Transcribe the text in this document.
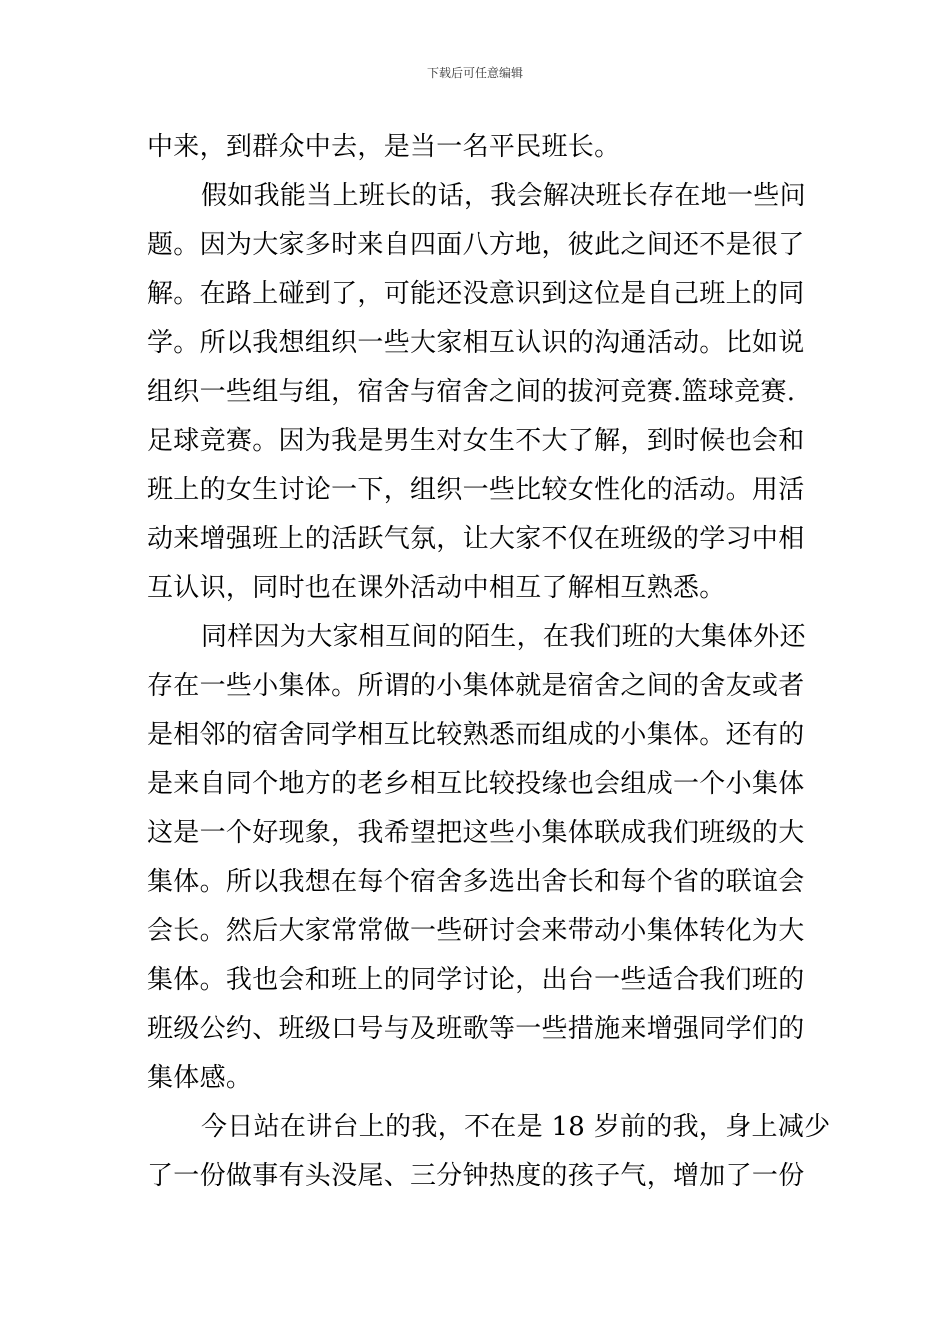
下载后可任意编辑
中来，到群众中去，是当一名平民班长。
假如我能当上班长的话，我会解决班长存在地一些问
题。因为大家多时来自四面八方地，彼此之间还不是很了
解。在路上碰到了，可能还没意识到这位是自己班上的同
学。所以我想组织一些大家相互认识的沟通活动。比如说
组织一些组与组，宿舍与宿舍之间的拔河竞赛.篮球竞赛.
足球竞赛。因为我是男生对女生不大了解，到时候也会和
班上的女生讨论一下，组织一些比较女性化的活动。用活
动来增强班上的活跃气氛，让大家不仅在班级的学习中相
互认识，同时也在课外活动中相互了解相互熟悉。
同样因为大家相互间的陌生，在我们班的大集体外还
存在一些小集体。所谓的小集体就是宿舍之间的舍友或者
是相邻的宿舍同学相互比较熟悉而组成的小集体。还有的
是来自同个地方的老乡相互比较投缘也会组成一个小集体
这是一个好现象，我希望把这些小集体联成我们班级的大
集体。所以我想在每个宿舍多选出舍长和每个省的联谊会
会长。然后大家常常做一些研讨会来带动小集体转化为大
集体。我也会和班上的同学讨论，出台一些适合我们班的
班级公约、班级口号与及班歌等一些措施来增强同学们的
集体感。
今日站在讲台上的我，不在是 18 岁前的我，身上减少
了一份做事有头没尾、三分钟热度的孩子气，增加了一份
